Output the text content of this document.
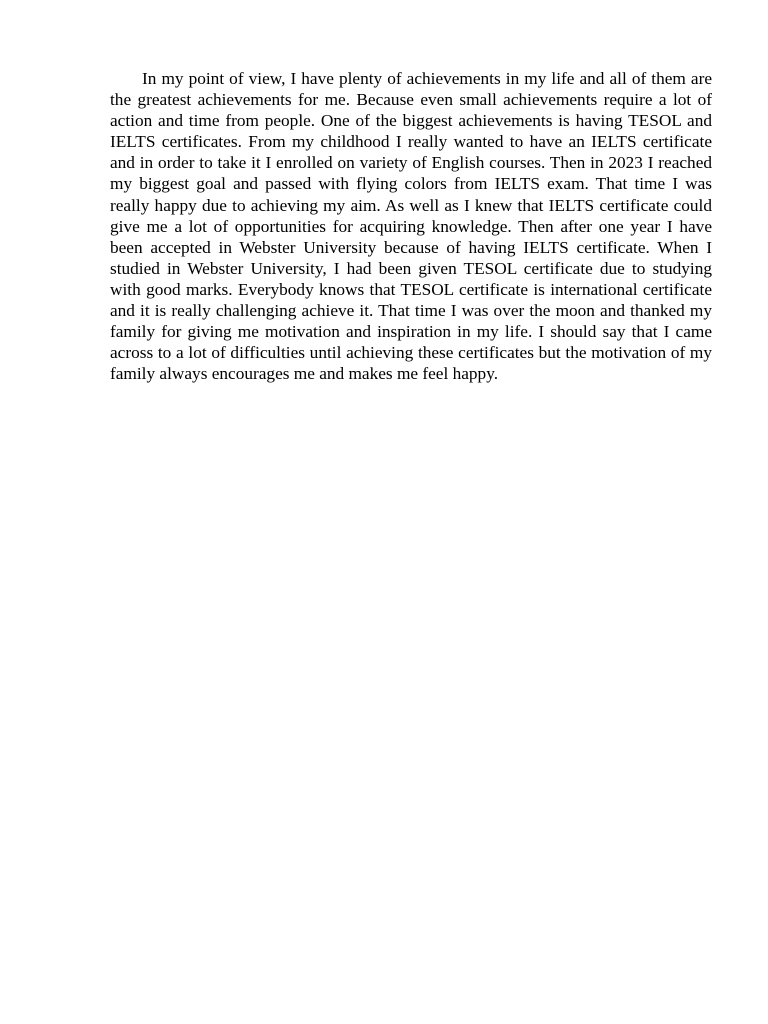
In my point of view, I have plenty of achievements in my life and all of them are the greatest achievements for me. Because even small achievements require a lot of action and time from people. One of the biggest achievements is having TESOL and IELTS certificates. From my childhood I really wanted to have an IELTS certificate and in order to take it I enrolled on variety of English courses. Then in 2023 I reached my biggest goal and passed with flying colors from IELTS exam. That time I was really happy due to achieving my aim. As well as I knew that IELTS certificate could give me a lot of opportunities for acquiring knowledge. Then after one year I have been accepted in Webster University because of having IELTS certificate. When I studied in Webster University, I had been given TESOL certificate due to studying with good marks. Everybody knows that TESOL certificate is international certificate and it is really challenging achieve it. That time I was over the moon and thanked my family for giving me motivation and inspiration in my life. I should say that I came across to a lot of difficulties until achieving these certificates but the motivation of my family always encourages me and makes me feel happy.
